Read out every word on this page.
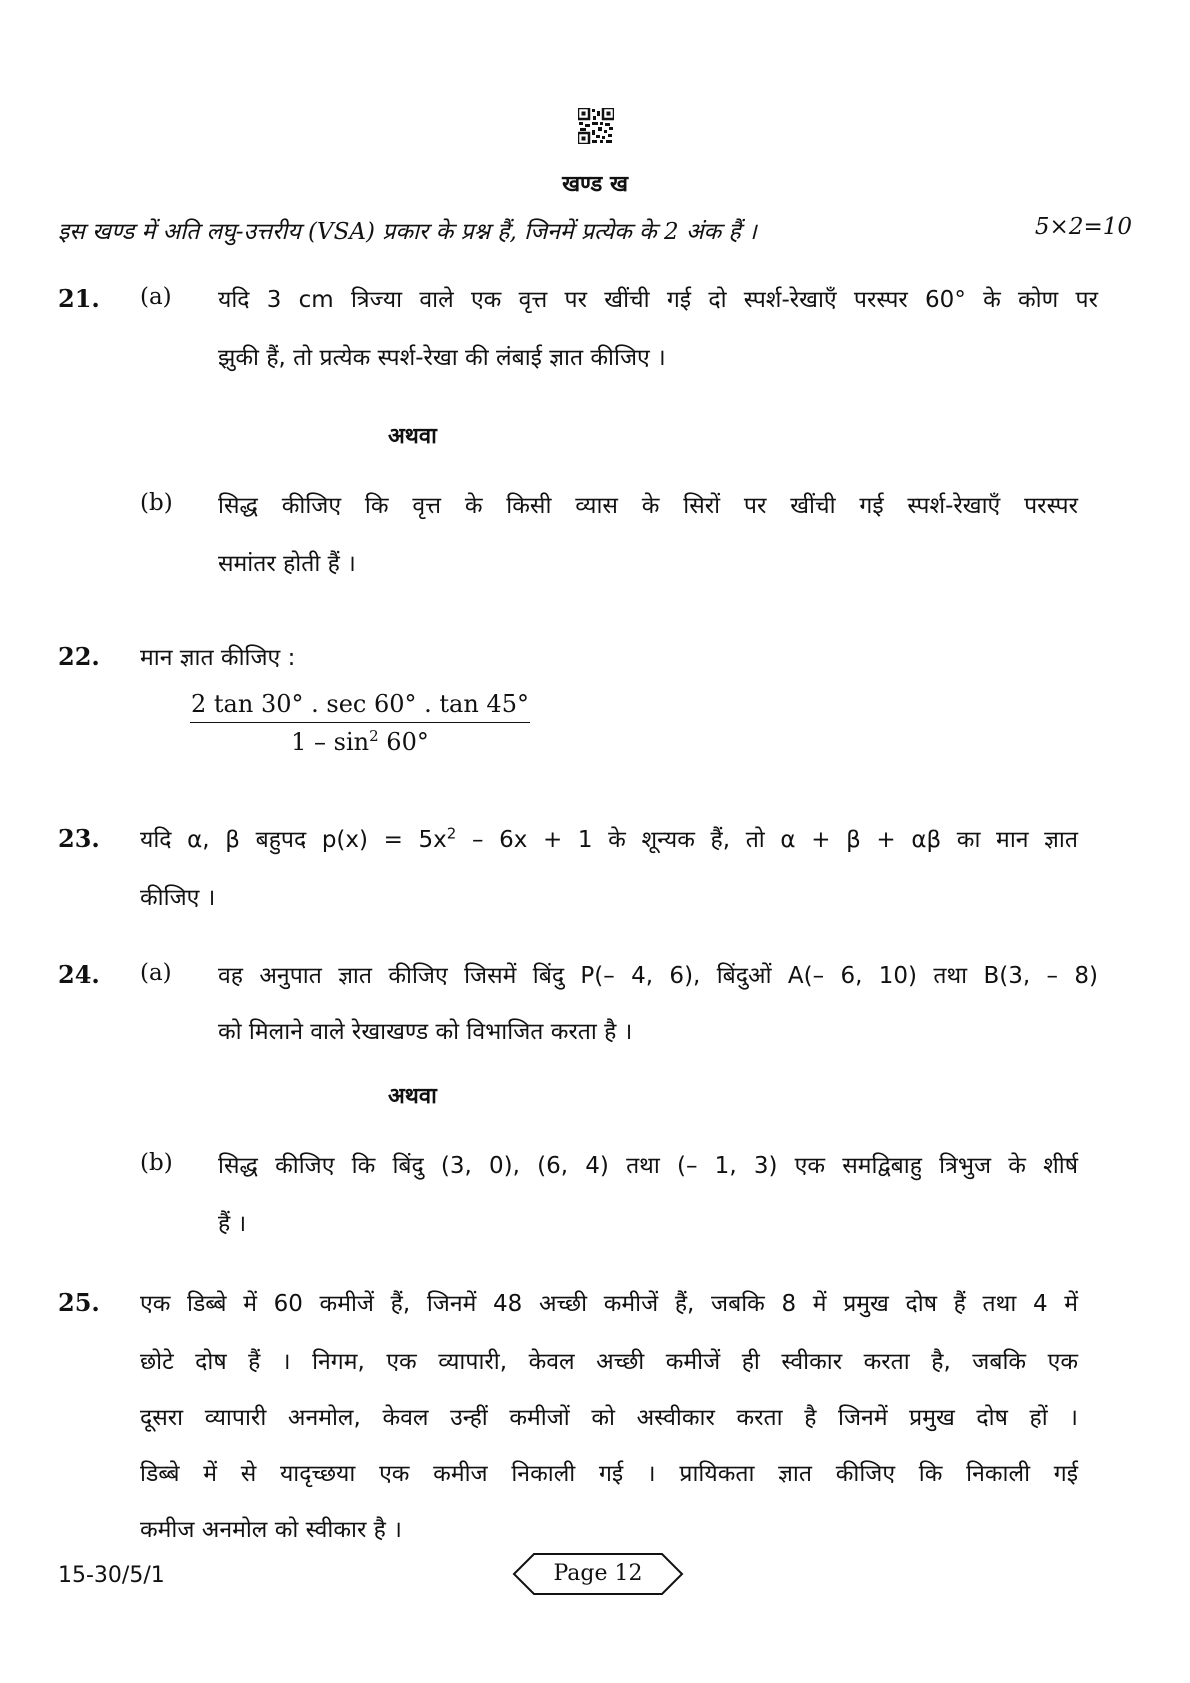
खण्ड ख
इस खण्ड में अति लघु-उत्तरीय (VSA) प्रकार के प्रश्न हैं, जिनमें प्रत्येक के 2 अंक हैं ।	5×2=10
21. (a) यदि 3 cm त्रिज्या वाले एक वृत्त पर खींची गई दो स्पर्श-रेखाएँ परस्पर 60° के कोण पर
झुकी हैं, तो प्रत्येक स्पर्श-रेखा की लंबाई ज्ञात कीजिए ।
अथवा
(b) सिद्ध कीजिए कि वृत्त के किसी व्यास के सिरों पर खींची गई स्पर्श-रेखाएँ परस्पर
समांतर होती हैं ।
22. मान ज्ञात कीजिए :
2 tan 30° . sec 60° . tan 45°
$1 - \sin^2 60^\circ$
23. यदि α, β बहुपद $p(x) = 5x^2 - 6x + 1$ के शून्यक हैं, तो α + β + αβ का मान ज्ञात
कीजिए ।
24. (a) वह अनुपात ज्ञात कीजिए जिसमें बिंदु P(– 4, 6), बिंदुओं A(– 6, 10) तथा B(3, – 8)
को मिलाने वाले रेखाखण्ड को विभाजित करता है ।
अथवा
(b) सिद्ध कीजिए कि बिंदु (3, 0), (6, 4) तथा (– 1, 3) एक समद्विबाहु त्रिभुज के शीर्ष
हैं ।
25. एक डिब्बे में 60 कमीजें हैं, जिनमें 48 अच्छी कमीजें हैं, जबकि 8 में प्रमुख दोष हैं तथा 4 में
छोटे दोष हैं । निगम, एक व्यापारी, केवल अच्छी कमीजें ही स्वीकार करता है, जबकि एक
दूसरा व्यापारी अनमोल, केवल उन्हीं कमीजों को अस्वीकार करता है जिनमें प्रमुख दोष हों ।
डिब्बे में से यादृच्छया एक कमीज निकाली गई । प्रायिकता ज्ञात कीजिए कि निकाली गई
कमीज अनमोल को स्वीकार है ।
15-30/5/1	Page 12
